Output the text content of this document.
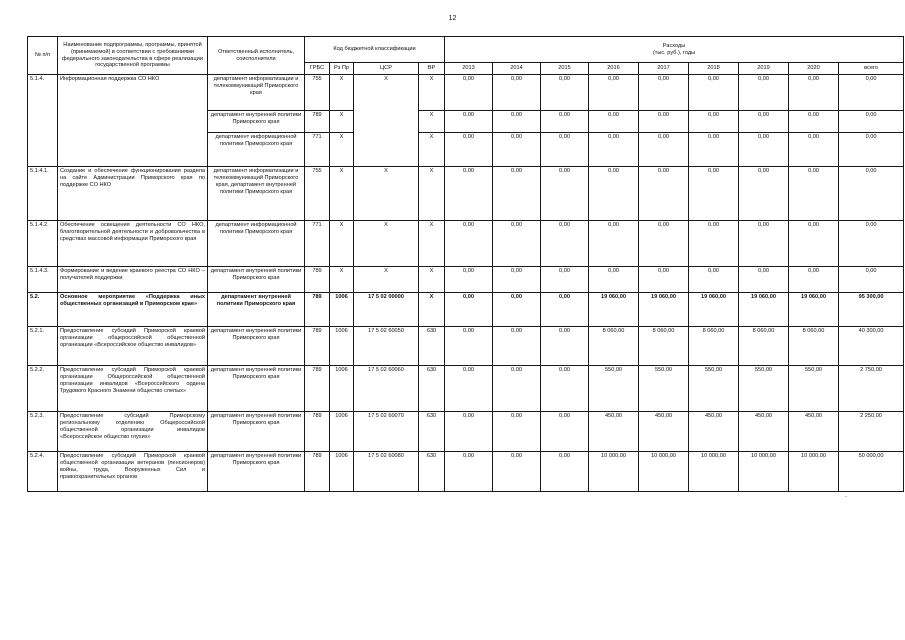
12
№ п/п	Наименование подпрограммы, программы, принятой (принимаемой) в соответствии с требованиями федерального законодательства в сфере реализации государственной программы	Ответственный исполнитель, соисполнители	Код бюджетной классификации				Расходы
(тыс. руб.), годы								
			ГРБС	Рз Пр	ЦСР	ВР	2013	2014	2015	2016	2017	2018	2019	2020	всего
5.1.4.	Информационная поддержка СО НКО	департамент информатизации и телекоммуникаций Приморского края	755	Х	Х	Х	0,00	0,00	0,00	0,00	0,00	0,00	0,00	0,00	0,00
		департамент внутренней политики Приморского края	789	Х		Х	0,00	0,00	0,00	0,00	0,00	0,00	0,00	0,00	0,00
		департамент информационной политики Приморского края	771	Х		Х	0,00	0,00	0,00	0,00	0,00	0,00	0,00	0,00	0,00
5.1.4.1.	Создание и обеспечение функционирования раздела на сайте Администрации Приморского края по поддержке СО НКО	департамент информатизации и телекоммуникаций Приморского края, департамент внутренней политики Приморского края	755	Х	Х	Х	0,00	0,00	0,00	0,00	0,00	0,00	0,00	0,00	0,00
5.1.4.2.	Обеспечение освещения деятельности СО НКО, благотворительной деятельности и добровольчества в средствах массовой информации Приморского края	департамент информационной политики Приморского края	771	Х	Х	Х	0,00	0,00	0,00	0,00	0,00	0,00	0,00	0,00	0,00
5.1.4.3.	Формирование и ведение краевого реестра СО НКО – получателей поддержки	департамент внутренней политики Приморского края	789	Х	Х	Х	0,00	0,00	0,00	0,00	0,00	0,00	0,00	0,00	0,00
5.2.	Основное мероприятие «Поддержка иных общественных организаций в Приморском крае»	департамент внутренней политики Приморского края	789	1006	17 5 02 00000	Х	0,00	0,00	0,00	19 060,00	19 060,00	19 060,00	19 060,00	19 060,00	95 300,00
5.2.1.	Предоставление субсидий Приморской краевой организации общероссийской общественной организации «Всероссийское общество инвалидов»	департамент внутренней политики Приморского края	789	1006	17 5 02 60050	630	0,00	0,00	0,00	8 060,00	8 060,00	8 060,00	8 060,00	8 060,00	40 300,00
5.2.2.	Предоставление субсидий Приморской краевой организации Общероссийской общественной организации инвалидов «Всероссийского ордена Трудового Красного Знамени общество слепых»	департамент внутренней политики Приморского края	789	1006	17 5 02 60060	630	0,00	0,00	0,00	550,00	550,00	550,00	550,00	550,00	2 750,00
5.2.3.	Предоставление субсидий Приморскому региональному отделению Общероссийской общественной организации инвалидов «Всероссийское общество глухих»	департамент внутренней политики Приморского края	789	1006	17 5 02 60070	630	0,00	0,00	0,00	450,00	450,00	450,00	450,00	450,00	2 250,00
5.2.4.	Предоставление субсидий Приморской краевой общественной организации ветеранов (пенсионеров) войны, труда, Вооруженных Сил и правоохранительных органов	департамент внутренней политики Приморского края	789	1006	17 5 02 60080	630	0,00	0,00	0,00	10 000,00	10 000,00	10 000,00	10 000,00	10 000,00	50 000,00
.
